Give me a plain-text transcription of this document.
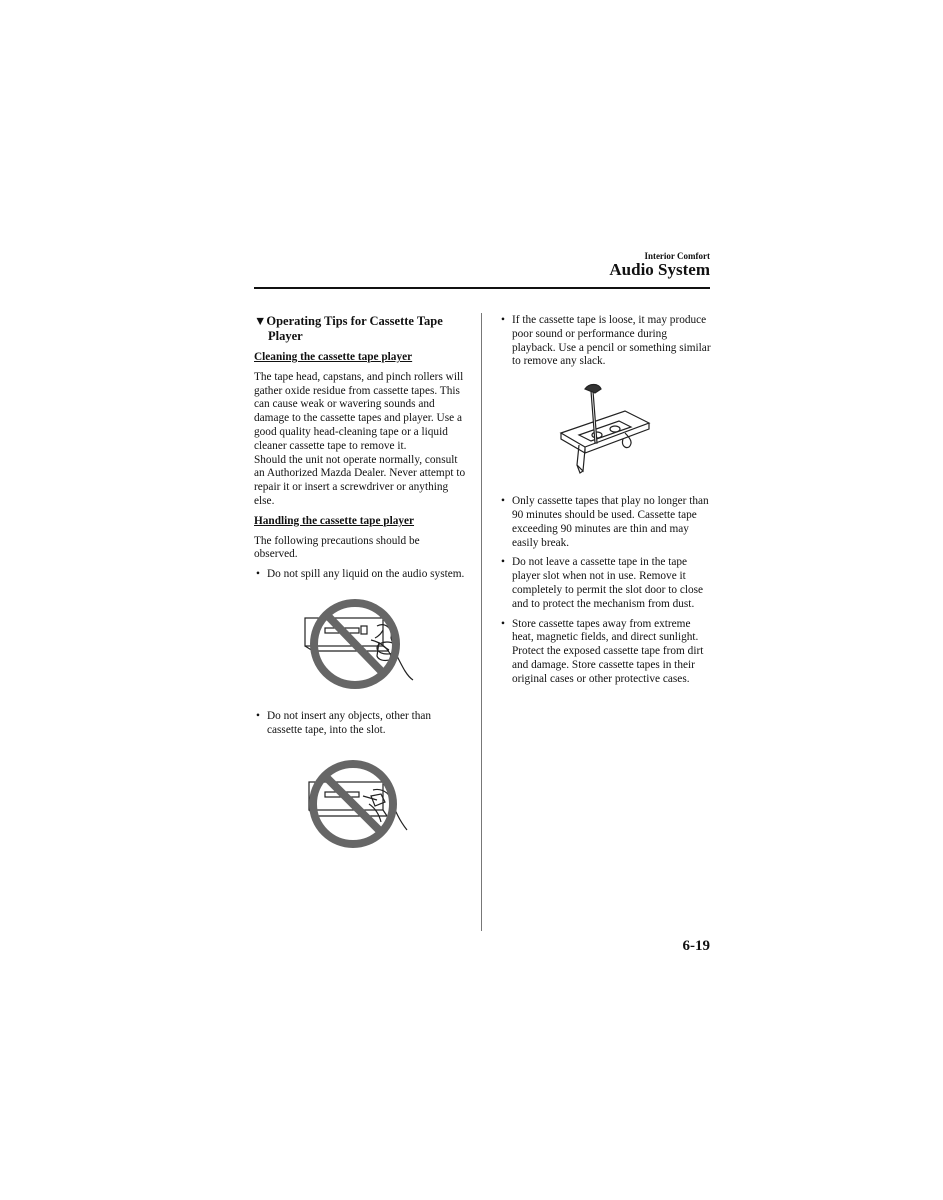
Interior Comfort
Audio System

▼Operating Tips for Cassette Tape Player

Cleaning the cassette tape player

The tape head, capstans, and pinch rollers will gather oxide residue from cassette tapes. This can cause weak or wavering sounds and damage to the cassette tapes and player. Use a good quality head-cleaning tape or a liquid cleaner cassette tape to remove it.

Should the unit not operate normally, consult an Authorized Mazda Dealer. Never attempt to repair it or insert a screwdriver or anything else.

Handling the cassette tape player

The following precautions should be observed.

• Do not spill any liquid on the audio system.

• Do not insert any objects, other than cassette tape, into the slot.

• If the cassette tape is loose, it may produce poor sound or performance during playback. Use a pencil or something similar to remove any slack.

• Only cassette tapes that play no longer than 90 minutes should be used. Cassette tape exceeding 90 minutes are thin and may easily break.

• Do not leave a cassette tape in the tape player slot when not in use. Remove it completely to permit the slot door to close and to protect the mechanism from dust.

• Store cassette tapes away from extreme heat, magnetic fields, and direct sunlight. Protect the exposed cassette tape from dirt and damage. Store cassette tapes in their original cases or other protective cases.

6-19
